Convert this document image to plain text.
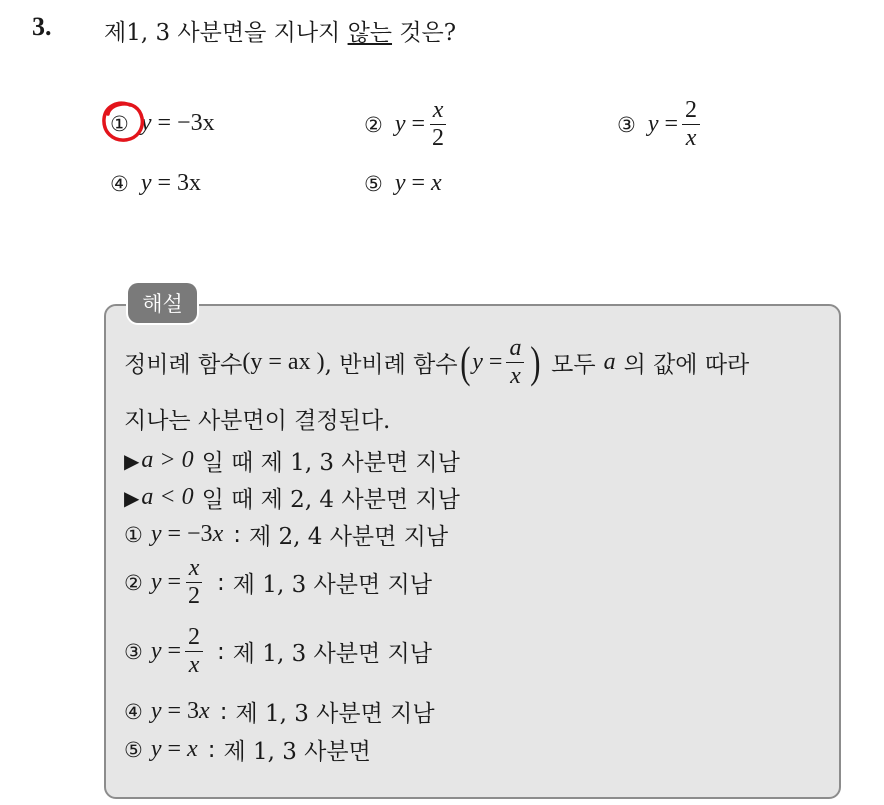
3. 제1, 3 사분면을 지나지 않는 것은?
① y = −3x	② $y = \frac{x}{2}$	③ $y = \frac{2}{x}$
④ y = 3x	⑤ y = x
해설
정비례 함수 (y = ax ) , 반비례 함수 ( $y = \frac{a}{x}$ ) 모두 a 의 값에 따라
지나는 사분면이 결정된다.
▶ a > 0 일 때 제 1, 3 사분면 지남
▶ a < 0 일 때 제 2, 4 사분면 지남
① y = −3x : 제 2, 4 사분면 지남
② $y = \frac{x}{2}$ : 제 1, 3 사분면 지남
③ $y = \frac{2}{x}$ : 제 1, 3 사분면 지남
④ y = 3x : 제 1, 3 사분면 지남
⑤ y = x : 제 1, 3 사분면
